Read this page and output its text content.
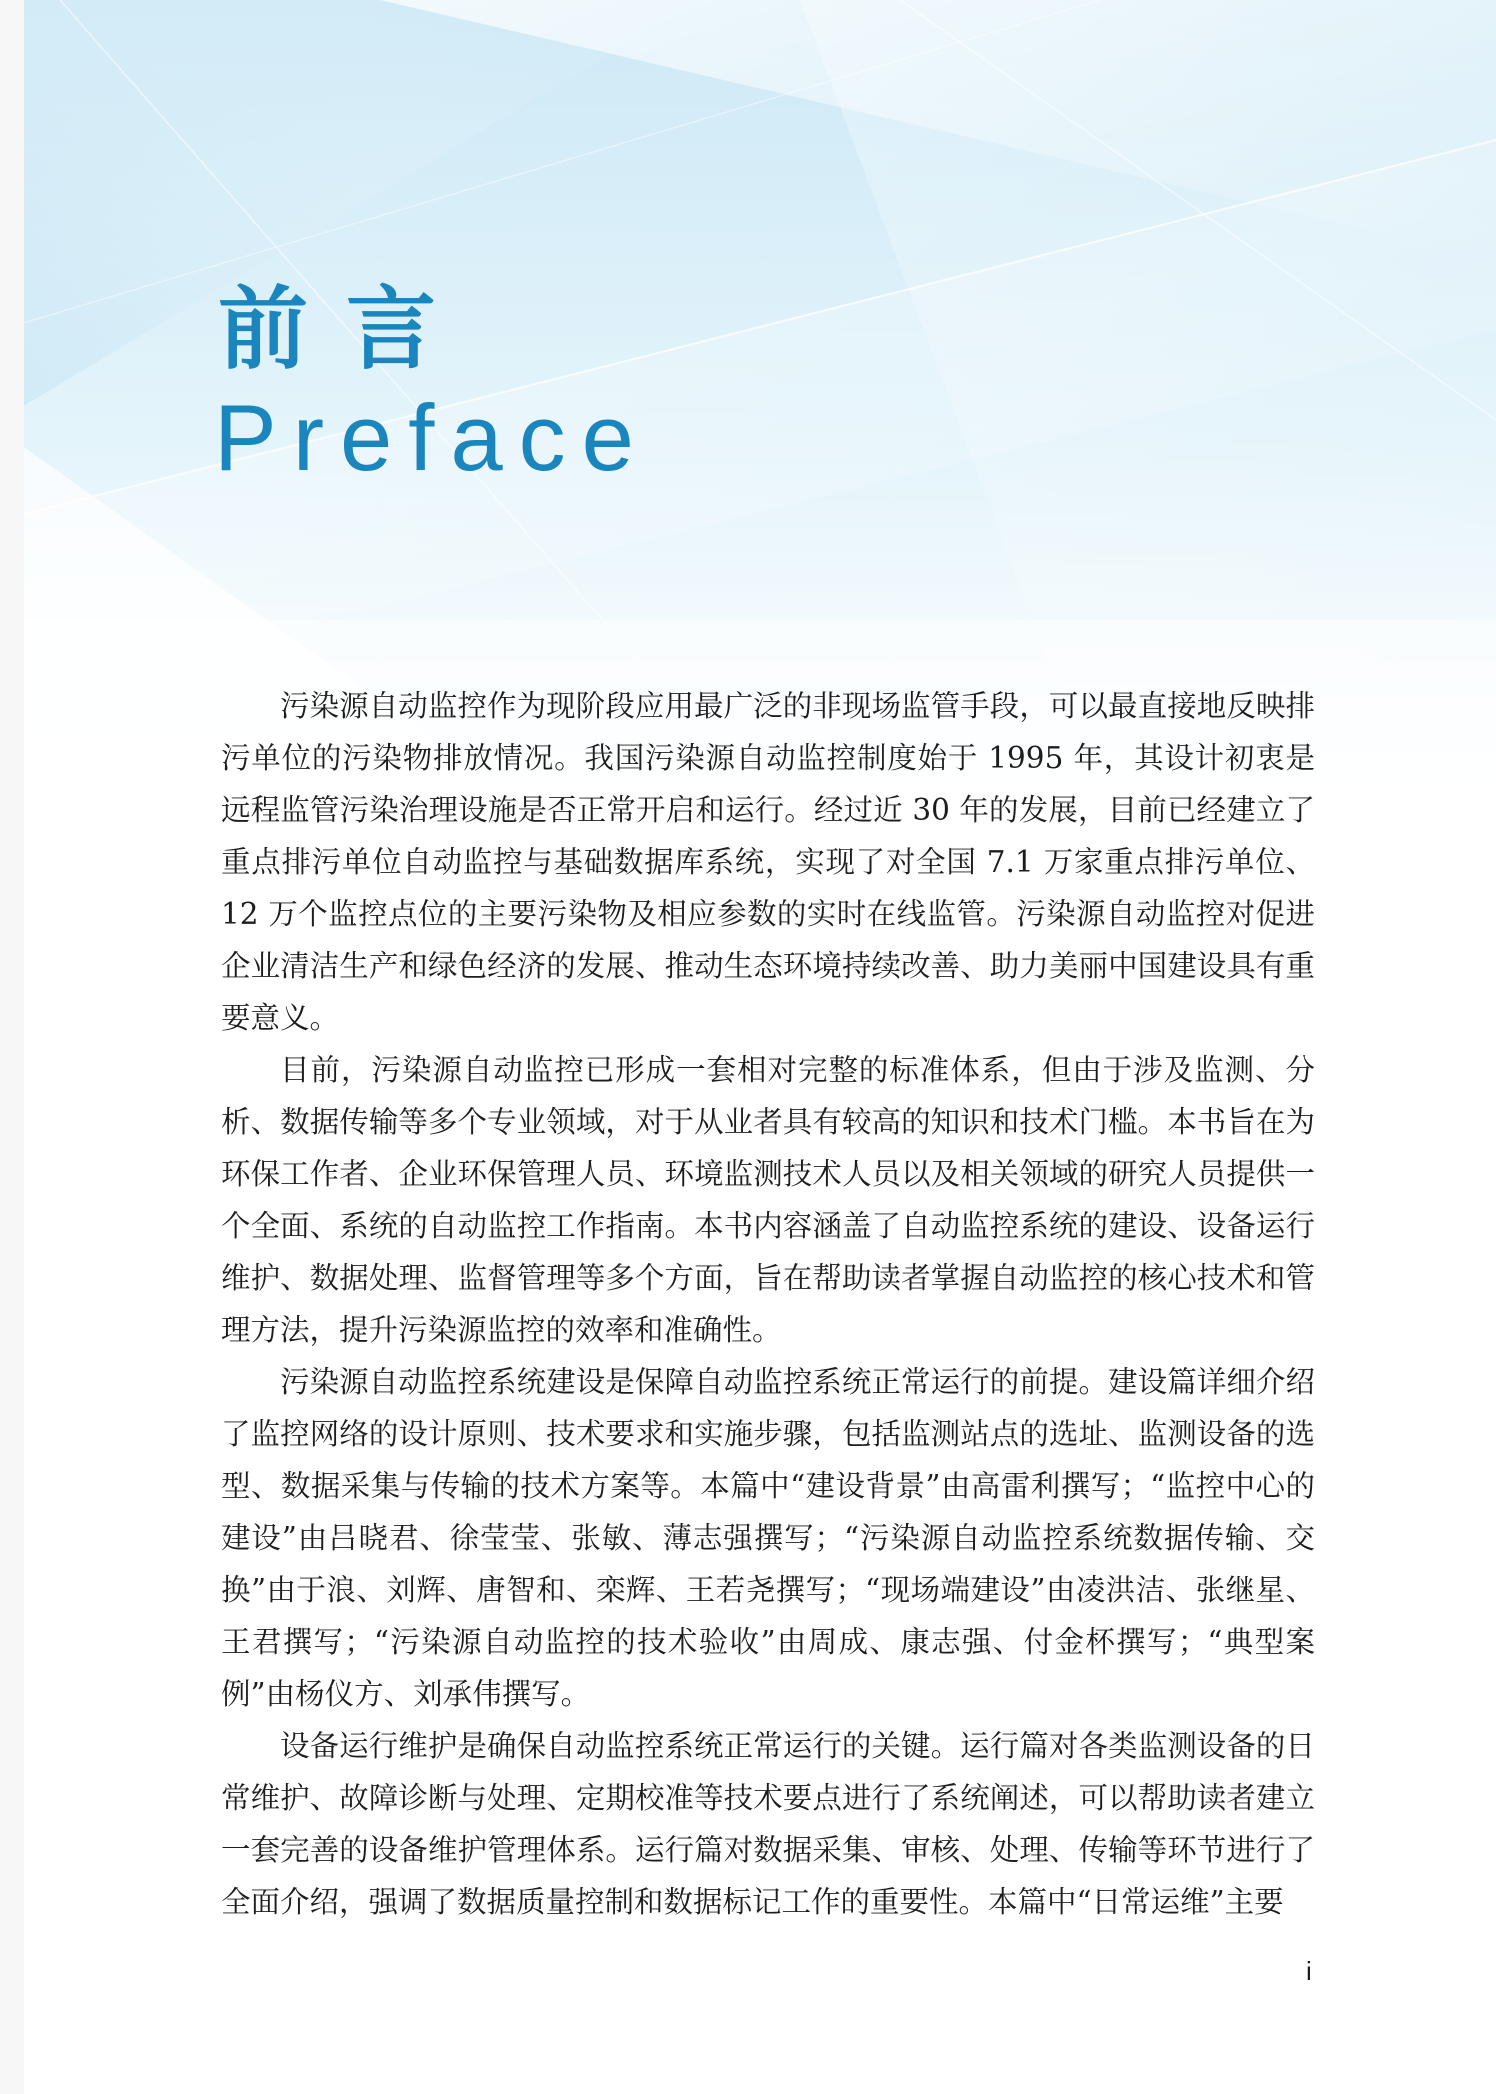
前言
Preface

污染源自动监控作为现阶段应用最广泛的非现场监管手段，可以最直接地反映排污单位的污染物排放情况。我国污染源自动监控制度始于 1995 年，其设计初衷是远程监管污染治理设施是否正常开启和运行。经过近 30 年的发展，目前已经建立了重点排污单位自动监控与基础数据库系统，实现了对全国 7.1 万家重点排污单位、12 万个监控点位的主要污染物及相应参数的实时在线监管。污染源自动监控对促进企业清洁生产和绿色经济的发展、推动生态环境持续改善、助力美丽中国建设具有重要意义。

目前，污染源自动监控已形成一套相对完整的标准体系，但由于涉及监测、分析、数据传输等多个专业领域，对于从业者具有较高的知识和技术门槛。本书旨在为环保工作者、企业环保管理人员、环境监测技术人员以及相关领域的研究人员提供一个全面、系统的自动监控工作指南。本书内容涵盖了自动监控系统的建设、设备运行维护、数据处理、监督管理等多个方面，旨在帮助读者掌握自动监控的核心技术和管理方法，提升污染源监控的效率和准确性。

污染源自动监控系统建设是保障自动监控系统正常运行的前提。建设篇详细介绍了监控网络的设计原则、技术要求和实施步骤，包括监测站点的选址、监测设备的选型、数据采集与传输的技术方案等。本篇中“建设背景”由高雷利撰写；“监控中心的建设”由吕晓君、徐莹莹、张敏、薄志强撰写；“污染源自动监控系统数据传输、交换”由于浪、刘辉、唐智和、栾辉、王若尧撰写；“现场端建设”由凌洪洁、张继星、王君撰写；“污染源自动监控的技术验收”由周成、康志强、付金杯撰写；“典型案例”由杨仪方、刘承伟撰写。

设备运行维护是确保自动监控系统正常运行的关键。运行篇对各类监测设备的日常维护、故障诊断与处理、定期校准等技术要点进行了系统阐述，可以帮助读者建立一套完善的设备维护管理体系。运行篇对数据采集、审核、处理、传输等环节进行了全面介绍，强调了数据质量控制和数据标记工作的重要性。本篇中“日常运维”主要

i
